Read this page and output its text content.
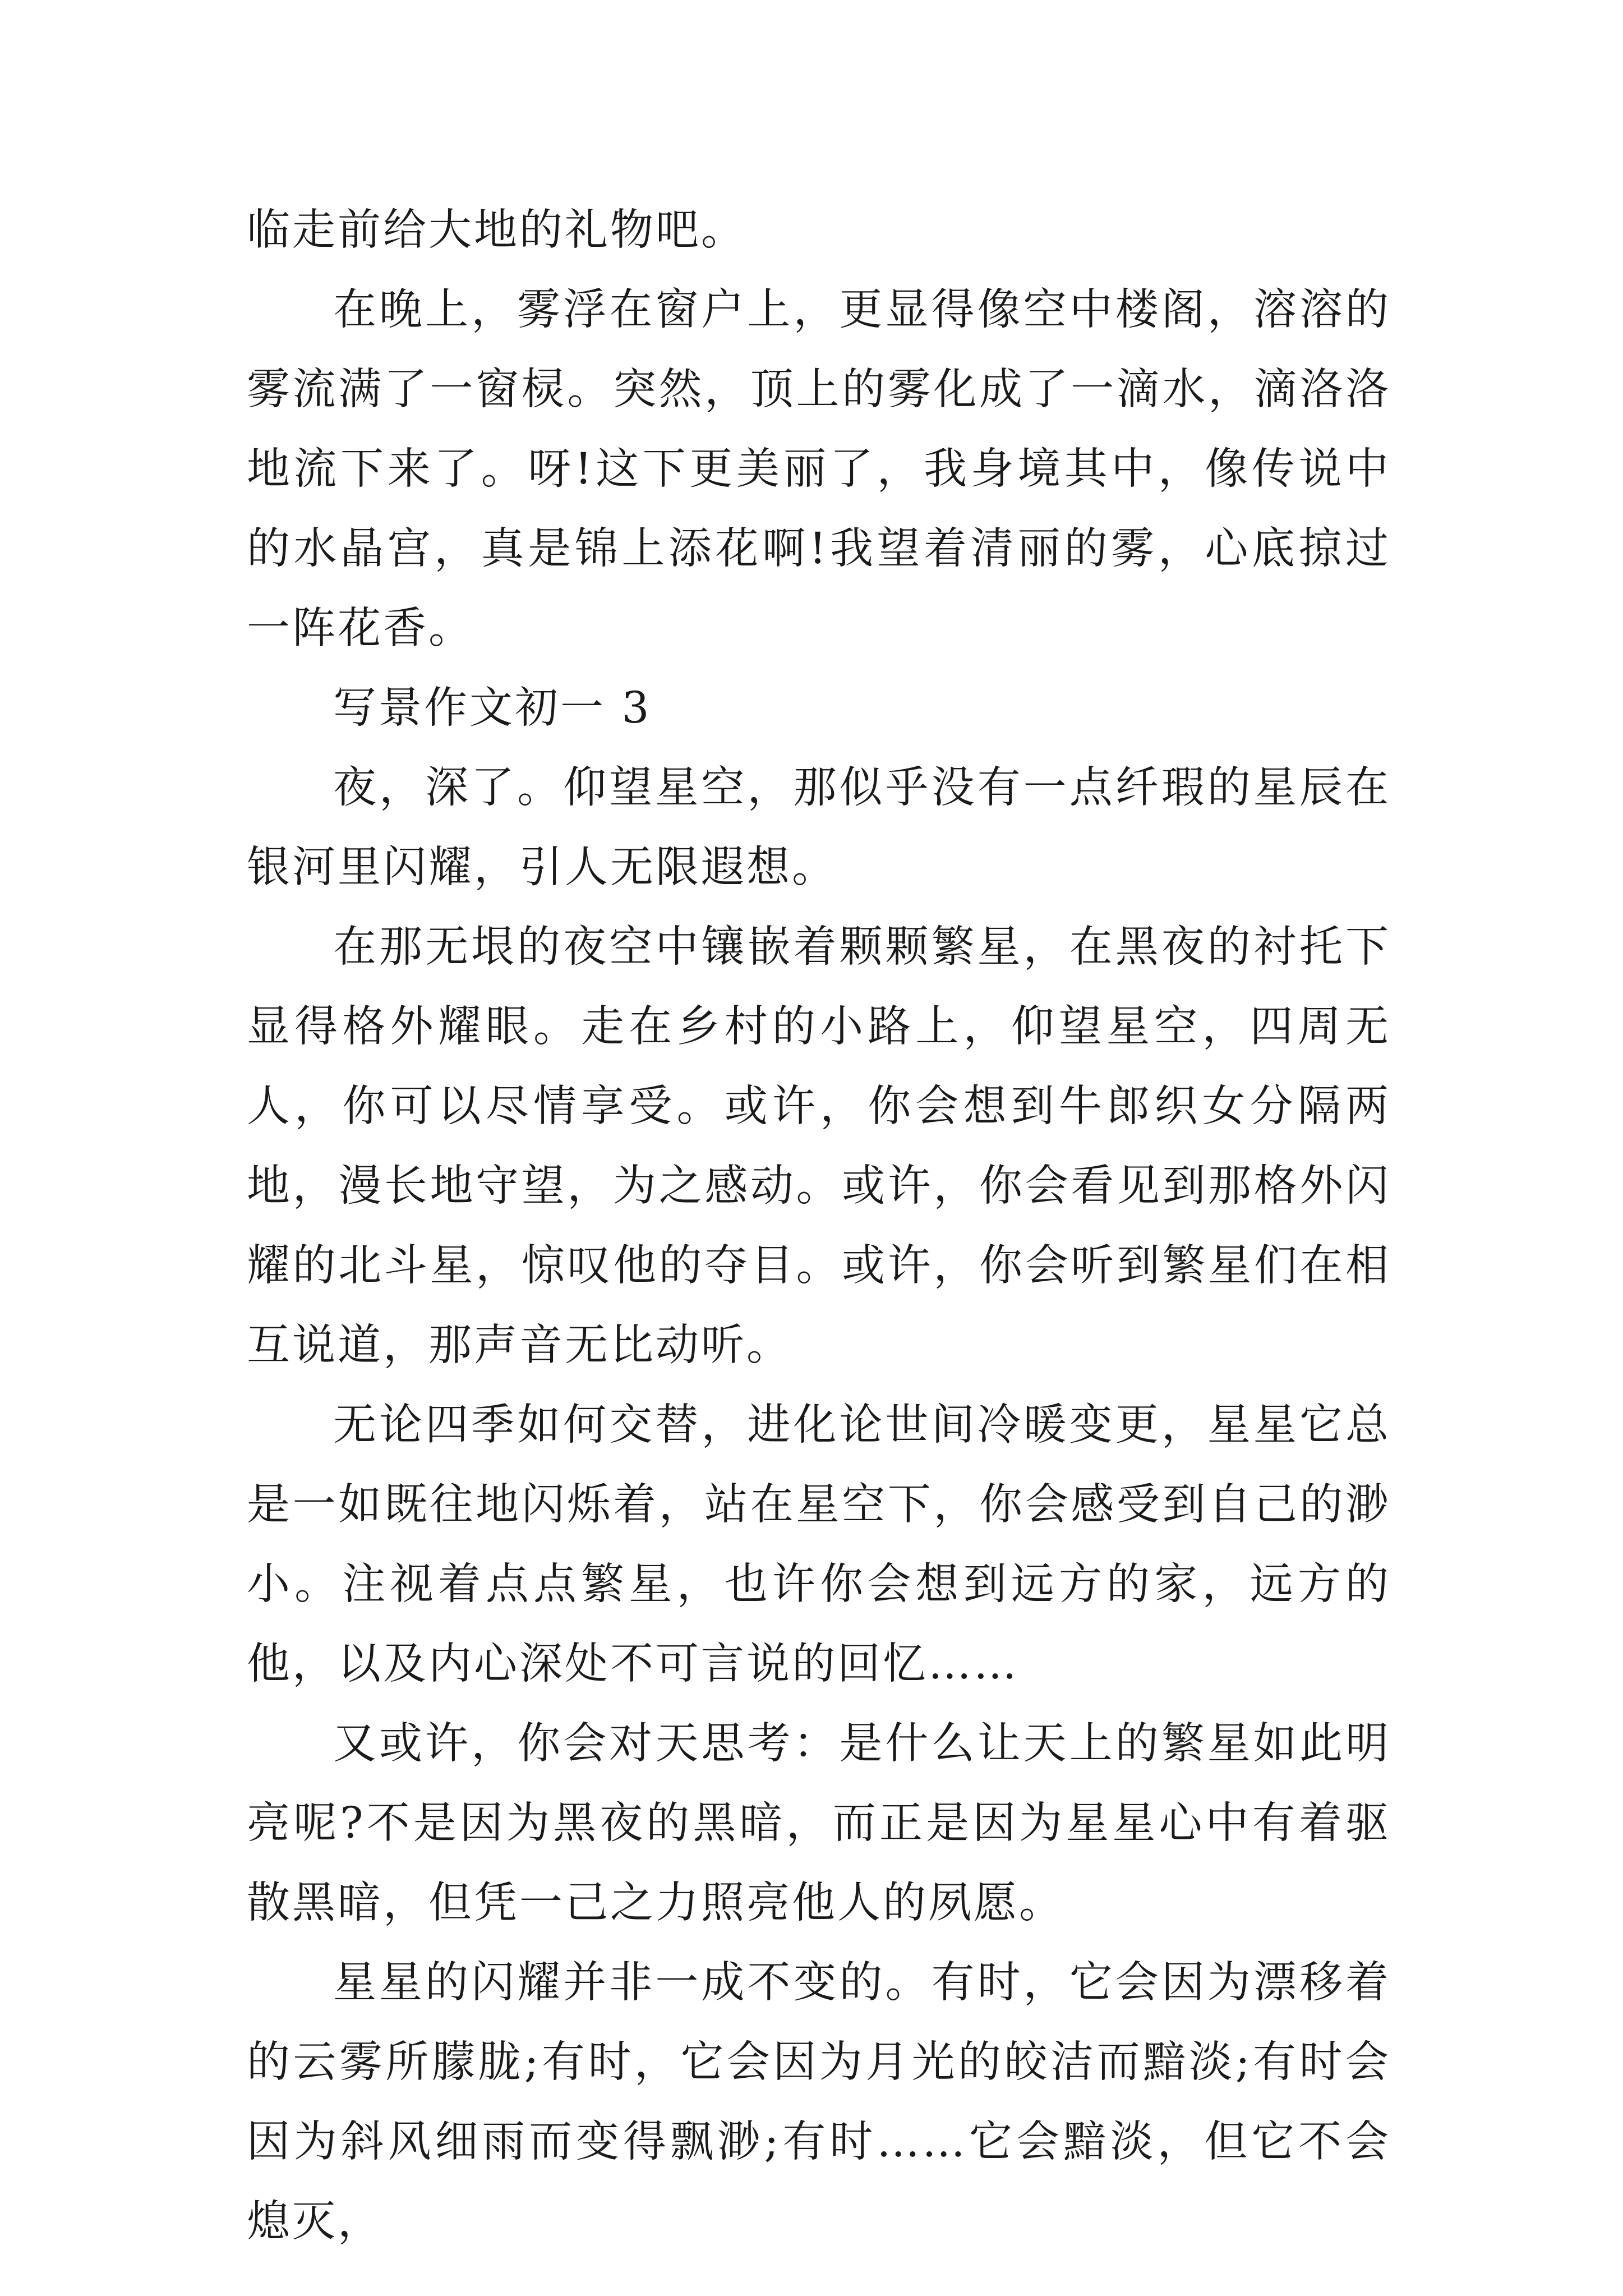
临走前给大地的礼物吧。

在晚上，雾浮在窗户上，更显得像空中楼阁，溶溶的雾流满了一窗棂。突然，顶上的雾化成了一滴水，滴洛洛地流下来了。呀!这下更美丽了，我身境其中，像传说中的水晶宫，真是锦上添花啊!我望着清丽的雾，心底掠过一阵花香。

写景作文初一 3

夜，深了。仰望星空，那似乎没有一点纤瑕的星辰在银河里闪耀，引人无限遐想。

在那无垠的夜空中镶嵌着颗颗繁星，在黑夜的衬托下显得格外耀眼。走在乡村的小路上，仰望星空，四周无人，你可以尽情享受。或许，你会想到牛郎织女分隔两地，漫长地守望，为之感动。或许，你会看见到那格外闪耀的北斗星，惊叹他的夺目。或许，你会听到繁星们在相互说道，那声音无比动听。

无论四季如何交替，进化论世间冷暖变更，星星它总是一如既往地闪烁着，站在星空下，你会感受到自己的渺小。注视着点点繁星，也许你会想到远方的家，远方的他，以及内心深处不可言说的回忆……

又或许，你会对天思考：是什么让天上的繁星如此明亮呢?不是因为黑夜的黑暗，而正是因为星星心中有着驱散黑暗，但凭一己之力照亮他人的夙愿。

星星的闪耀并非一成不变的。有时，它会因为漂移着的云雾所朦胧;有时，它会因为月光的皎洁而黯淡;有时会因为斜风细雨而变得飘渺;有时……它会黯淡，但它不会熄灭，
